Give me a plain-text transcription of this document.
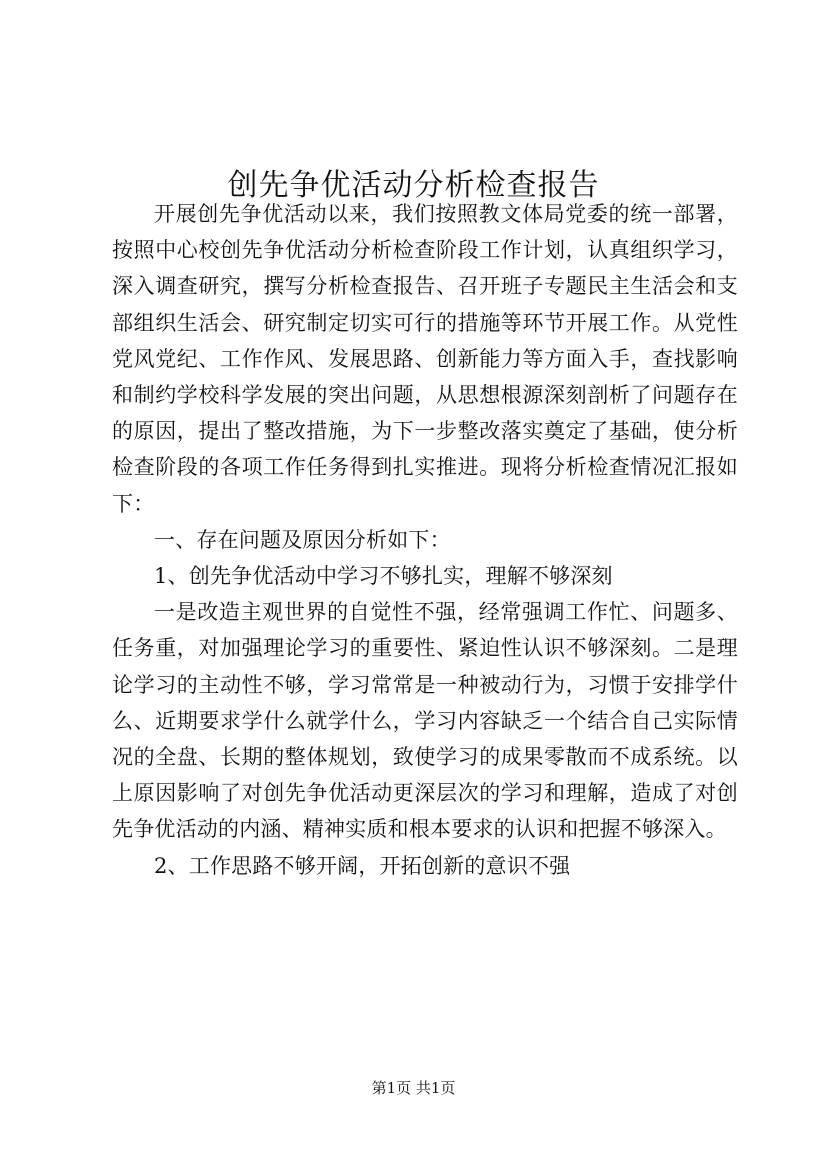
创先争优活动分析检查报告

开展创先争优活动以来，我们按照教文体局党委的统一部署，按照中心校创先争优活动分析检查阶段工作计划，认真组织学习，深入调查研究，撰写分析检查报告、召开班子专题民主生活会和支部组织生活会、研究制定切实可行的措施等环节开展工作。从党性党风党纪、工作作风、发展思路、创新能力等方面入手，查找影响和制约学校科学发展的突出问题，从思想根源深刻剖析了问题存在的原因，提出了整改措施，为下一步整改落实奠定了基础，使分析检查阶段的各项工作任务得到扎实推进。现将分析检查情况汇报如下：

一、存在问题及原因分析如下：

1、创先争优活动中学习不够扎实，理解不够深刻

一是改造主观世界的自觉性不强，经常强调工作忙、问题多、任务重，对加强理论学习的重要性、紧迫性认识不够深刻。二是理论学习的主动性不够，学习常常是一种被动行为，习惯于安排学什么、近期要求学什么就学什么，学习内容缺乏一个结合自己实际情况的全盘、长期的整体规划，致使学习的成果零散而不成系统。以上原因影响了对创先争优活动更深层次的学习和理解，造成了对创先争优活动的内涵、精神实质和根本要求的认识和把握不够深入。

2、工作思路不够开阔，开拓创新的意识不强

第1页 共1页
